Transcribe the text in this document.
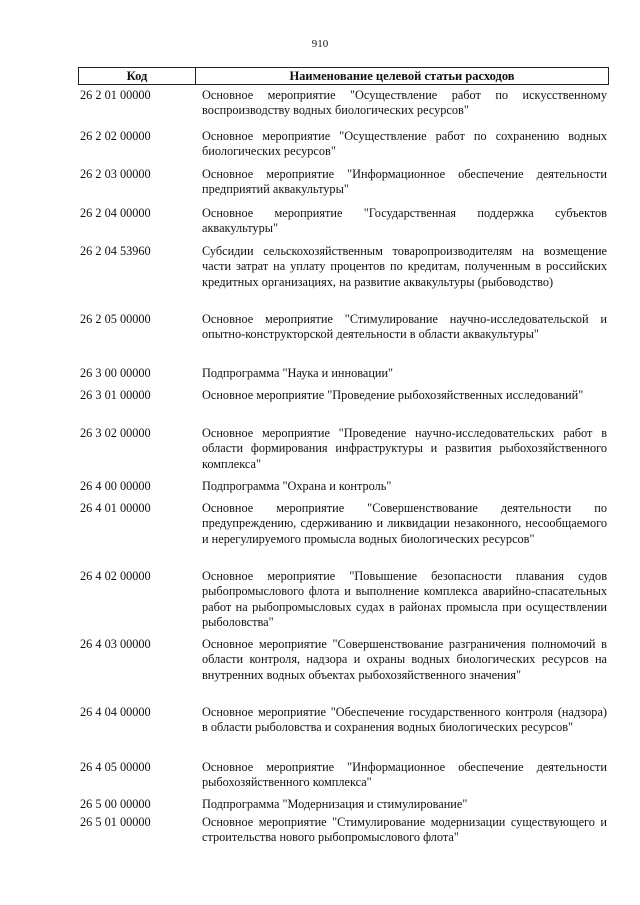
910
Код	Наименование целевой статьи расходов
26 2 01 00000	Основное мероприятие "Осуществление работ по искусственному воспроизводству водных биологических ресурсов"
26 2 02 00000	Основное мероприятие "Осуществление работ по сохранению водных биологических ресурсов"
26 2 03 00000	Основное мероприятие "Информационное обеспечение деятельности предприятий аквакультуры"
26 2 04 00000	Основное мероприятие "Государственная поддержка субъектов аквакультуры"
26 2 04 53960	Субсидии сельскохозяйственным товаропроизводителям на возмещение части затрат на уплату процентов по кредитам, полученным в российских кредитных организациях, на развитие аквакультуры (рыбоводство)
26 2 05 00000	Основное мероприятие "Стимулирование научно-исследовательской и опытно-конструкторской деятельности в области аквакультуры"
26 3 00 00000	Подпрограмма "Наука и инновации"
26 3 01 00000	Основное мероприятие "Проведение рыбохозяйственных исследований"
26 3 02 00000	Основное мероприятие "Проведение научно-исследовательских работ в области формирования инфраструктуры и развития рыбохозяйственного комплекса"
26 4 00 00000	Подпрограмма "Охрана и контроль"
26 4 01 00000	Основное мероприятие "Совершенствование деятельности по предупреждению, сдерживанию и ликвидации незаконного, несообщаемого и нерегулируемого промысла водных биологических ресурсов"
26 4 02 00000	Основное мероприятие "Повышение безопасности плавания судов рыбопромыслового флота и выполнение комплекса аварийно-спасательных работ на рыбопромысловых судах в районах промысла при осуществлении рыболовства"
26 4 03 00000	Основное мероприятие "Совершенствование разграничения полномочий в области контроля, надзора и охраны водных биологических ресурсов на внутренних водных объектах рыбохозяйственного значения"
26 4 04 00000	Основное мероприятие "Обеспечение государственного контроля (надзора) в области рыболовства и сохранения водных биологических ресурсов"
26 4 05 00000	Основное мероприятие "Информационное обеспечение деятельности рыбохозяйственного комплекса"
26 5 00 00000	Подпрограмма "Модернизация и стимулирование"
26 5 01 00000	Основное мероприятие "Стимулирование модернизации существующего и строительства нового рыбопромыслового флота"
